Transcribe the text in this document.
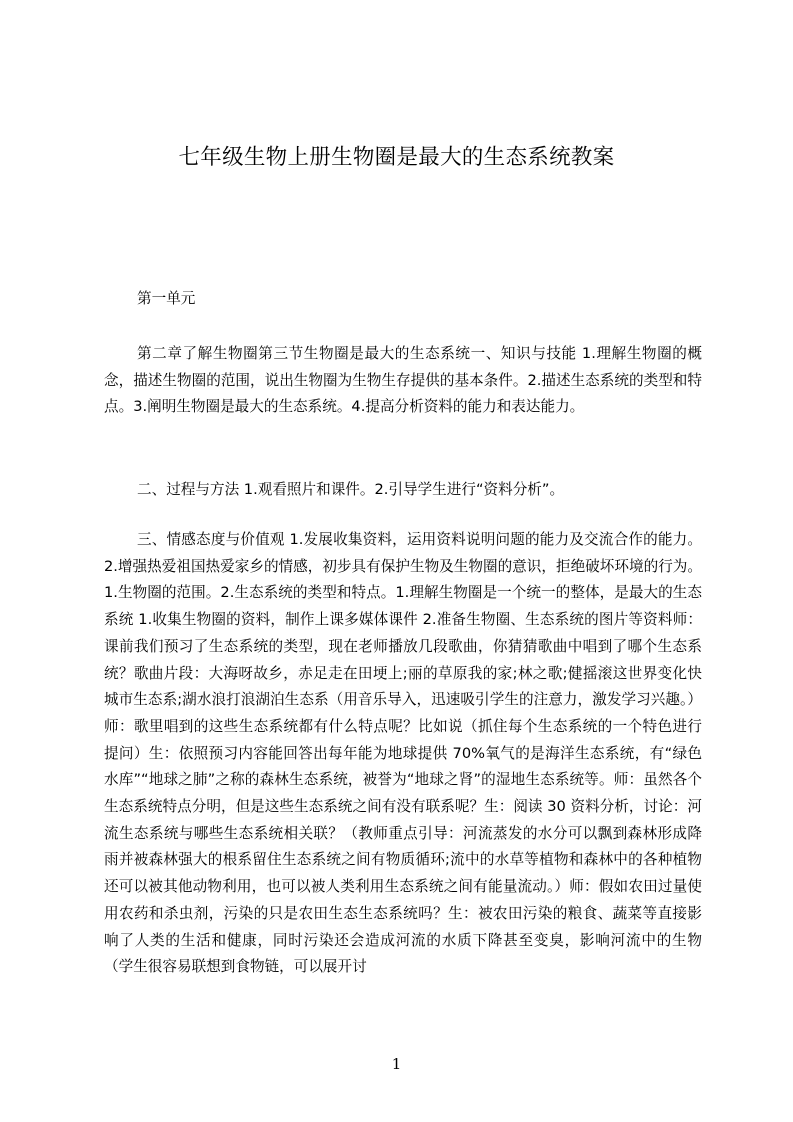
七年级生物上册生物圈是最大的生态系统教案

第一单元

第二章了解生物圈第三节生物圈是最大的生态系统一、知识与技能 1.理解生物圈的概念，描述生物圈的范围，说出生物圈为生物生存提供的基本条件。2.描述生态系统的类型和特点。3.阐明生物圈是最大的生态系统。4.提高分析资料的能力和表达能力。

二、过程与方法 1.观看照片和课件。2.引导学生进行“资料分析”。

三、情感态度与价值观 1.发展收集资料，运用资料说明问题的能力及交流合作的能力。2.增强热爱祖国热爱家乡的情感，初步具有保护生物及生物圈的意识，拒绝破坏环境的行为。1.生物圈的范围。2.生态系统的类型和特点。1.理解生物圈是一个统一的整体，是最大的生态系统 1.收集生物圈的资料，制作上课多媒体课件 2.准备生物圈、生态系统的图片等资料师：课前我们预习了生态系统的类型，现在老师播放几段歌曲，你猜猜歌曲中唱到了哪个生态系统？歌曲片段：大海呀故乡，赤足走在田埂上;丽的草原我的家;林之歌;健摇滚这世界变化快城市生态系;湖水浪打浪湖泊生态系（用音乐导入，迅速吸引学生的注意力，激发学习兴趣。）师：歌里唱到的这些生态系统都有什么特点呢？比如说（抓住每个生态系统的一个特色进行提问）生：依照预习内容能回答出每年能为地球提供 70%氧气的是海洋生态系统，有“绿色水库”“地球之肺”之称的森林生态系统，被誉为“地球之肾”的湿地生态系统等。师：虽然各个生态系统特点分明，但是这些生态系统之间有没有联系呢？生：阅读 30 资料分析，讨论：河流生态系统与哪些生态系统相关联？（教师重点引导：河流蒸发的水分可以飘到森林形成降雨并被森林强大的根系留住生态系统之间有物质循环;流中的水草等植物和森林中的各种植物还可以被其他动物利用，也可以被人类利用生态系统之间有能量流动。）师：假如农田过量使用农药和杀虫剂，污染的只是农田生态生态系统吗？生：被农田污染的粮食、蔬菜等直接影响了人类的生活和健康，同时污染还会造成河流的水质下降甚至变臭，影响河流中的生物（学生很容易联想到食物链，可以展开讨

1
